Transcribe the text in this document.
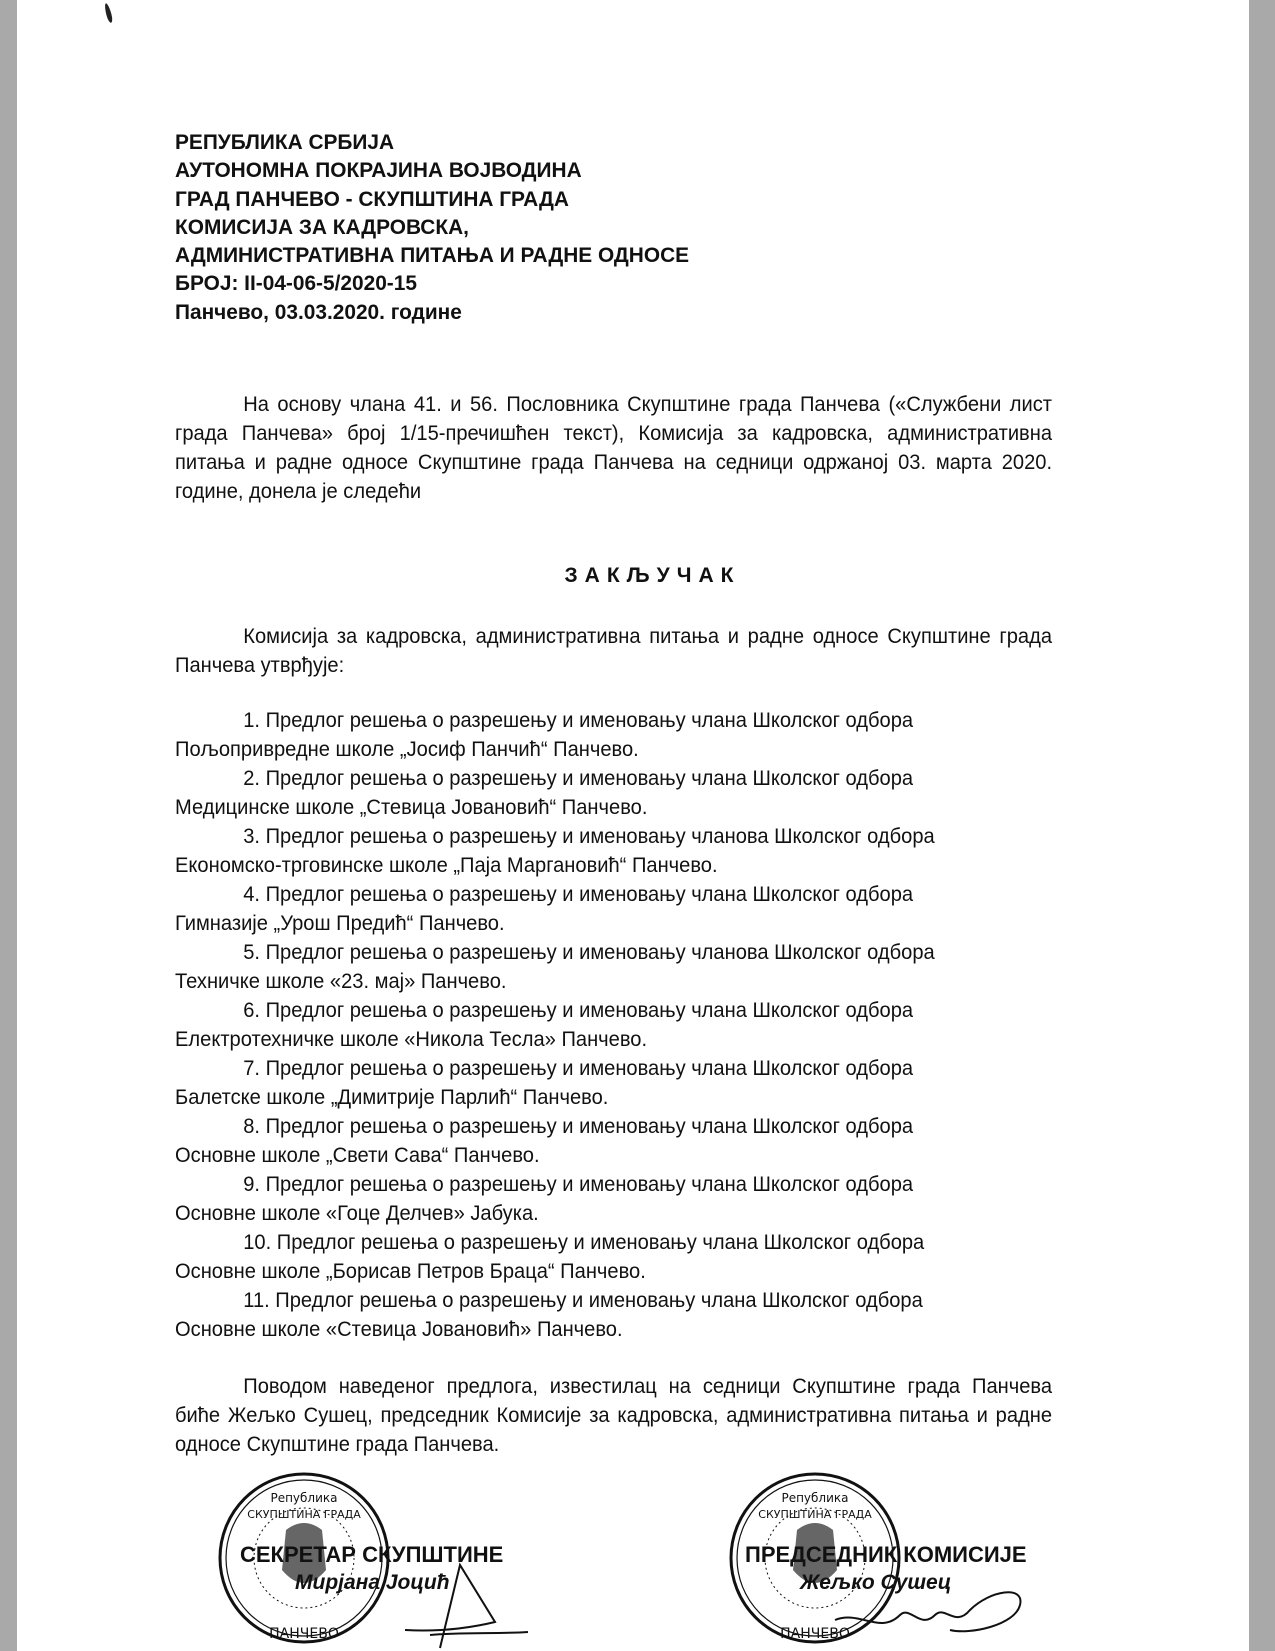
РЕПУБЛИКА СРБИЈА
АУТОНОМНА ПОКРАЈИНА ВОЈВОДИНА
ГРАД ПАНЧЕВО - СКУПШТИНА ГРАДА
КОМИСИЈА ЗА КАДРОВСКА,
АДМИНИСТРАТИВНА ПИТАЊА И РАДНЕ ОДНОСЕ
БРОЈ: II-04-06-5/2020-15
Панчево, 03.03.2020. године
На основу члана 41. и 56. Пословника Скупштине града Панчева («Службени лист града Панчева» број 1/15-пречишћен текст), Комисија за кадровска, административна питања и радне односе Скупштине града Панчева на седници одржаној 03. марта 2020. године, донела је следећи
ЗАКЉУЧАК
Комисија за кадровска, административна питања и радне односе Скупштине града Панчева утврђује:
1. Предлог решења о разрешењу и именовању члана Школског одбора
Пољопривредне школе „Јосиф Панчић“ Панчево.
2. Предлог решења о разрешењу и именовању члана Школског одбора
Медицинске школе „Стевица Јовановић“ Панчево.
3. Предлог решења о разрешењу и именовању чланова Школског одбора
Економско-трговинске школе „Паја Маргановић“ Панчево.
4. Предлог решења о разрешењу и именовању члана Школског одбора
Гимназије „Урош Предић“ Панчево.
5. Предлог решења о разрешењу и именовању чланова Школског одбора
Техничке школе «23. мај» Панчево.
6. Предлог решења о разрешењу и именовању члана Школског одбора
Електротехничке школе «Никола Тесла» Панчево.
7. Предлог решења о разрешењу и именовању члана Школског одбора
Балетске школе „Димитрије Парлић“ Панчево.
8. Предлог решења о разрешењу и именовању члана Школског одбора
Основне школе „Свети Сава“ Панчево.
9. Предлог решења о разрешењу и именовању члана Школског одбора
Основне школе «Гоце Делчев» Јабука.
10. Предлог решења о разрешењу и именовању члана Школског одбора
Основне школе „Борисав Петров Браца“ Панчево.
11. Предлог решења о разрешењу и именовању члана Школског одбора
Основне школе «Стевица Јовановић» Панчево.
Поводом наведеног предлога, известилац на седници Скупштине града Панчева биће Жељко Сушец, председник Комисије за кадровска, административна питања и радне односе Скупштине града Панчева.
Република
СКУПШТИНА ГРАДА
ПАНЧЕВО
СЕКРЕТАР СКУПШТИНЕ
Мирјана Јоцић
Република
СКУПШТИНА ГРАДА
ПАНЧЕВО
ПРЕДСЕДНИК КОМИСИЈЕ
Жељко Сушец
